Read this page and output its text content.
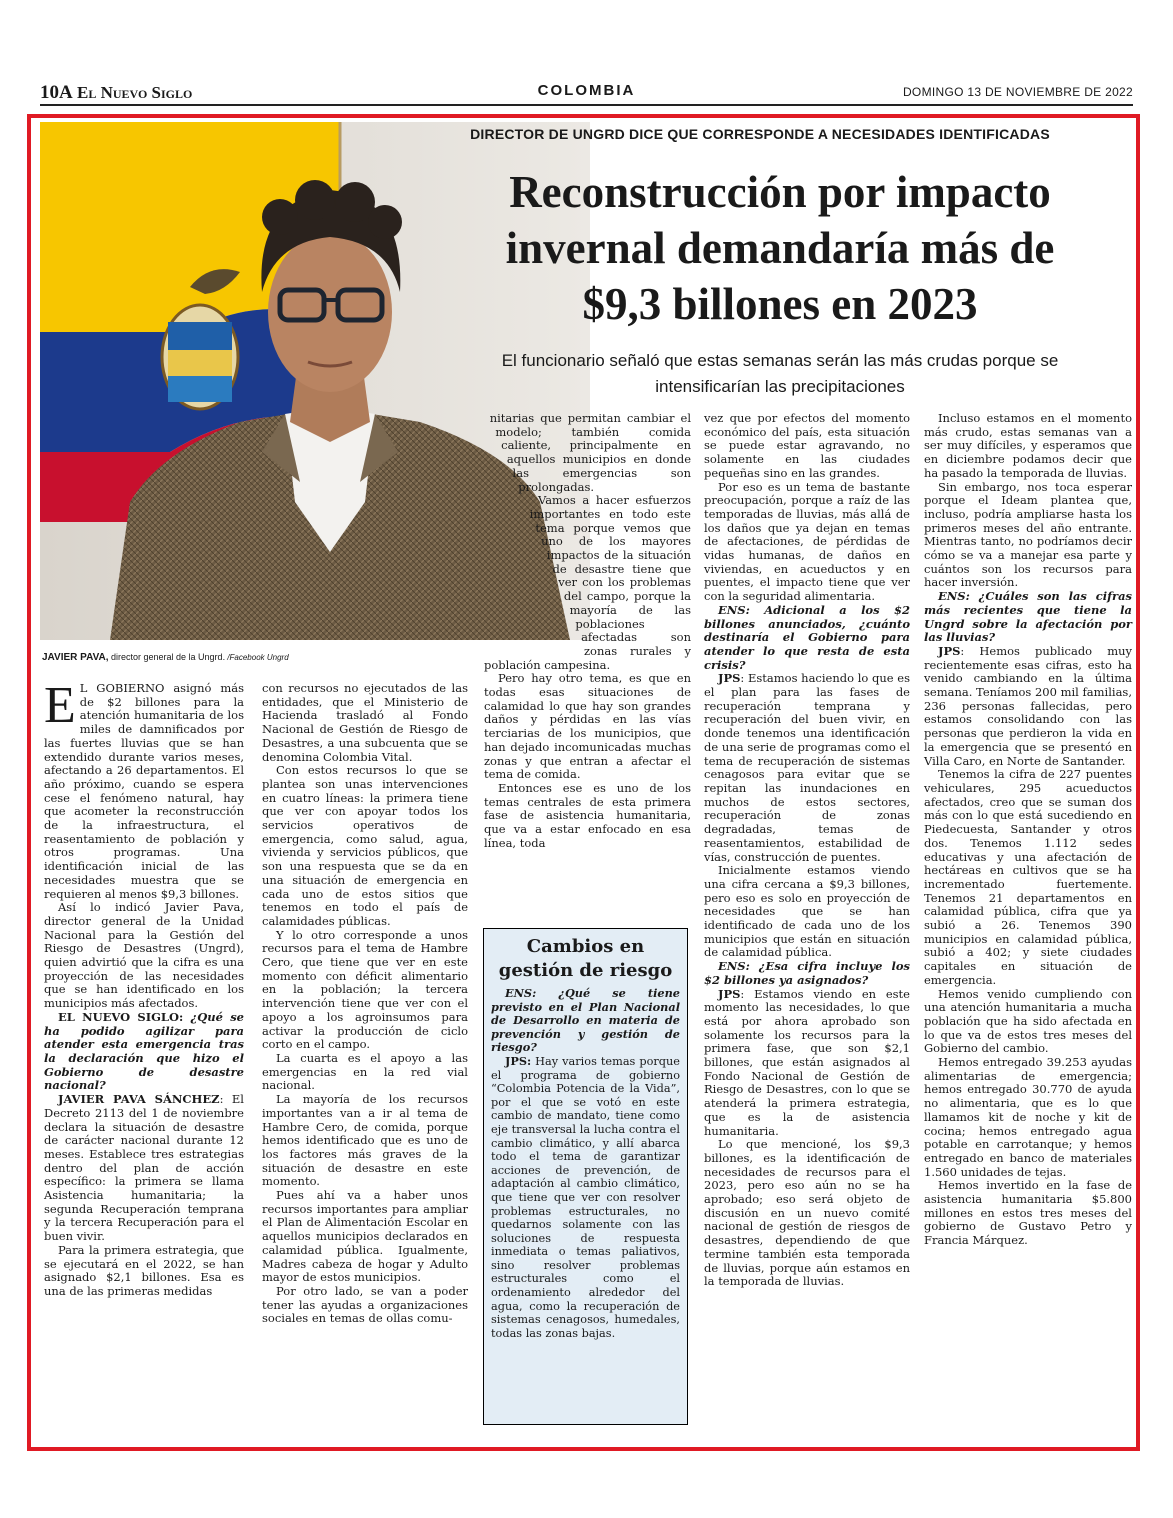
10A El Nuevo Siglo	COLOMBIA	DOMINGO 13 DE NOVIEMBRE DE 2022
DIRECTOR DE UNGRD DICE QUE CORRESPONDE A NECESIDADES IDENTIFICADAS
Reconstrucción por impacto
invernal demandaría más de
$9,3 billones en 2023
El funcionario señaló que estas semanas serán las más crudas porque se
intensificarían las precipitaciones
JAVIER PAVA, director general de la Ungrd. /Facebook Ungrd

E L GOBIERNO asignó más de $2 billones para la atención humanitaria de los miles de damnificados por las fuertes lluvias que se han extendido durante varios meses, afectando a 26 departamentos. El año próximo, cuando se espera cese el fenómeno natural, hay que acometer la reconstrucción de la infraestructura, el reasentamiento de población y otros programas. Una identificación inicial de las necesidades muestra que se requieren al menos $9,3 billones.

Así lo indicó Javier Pava, director general de la Unidad Nacional para la Gestión del Riesgo de Desastres (Ungrd), quien advirtió que la cifra es una proyección de las necesidades que se han identificado en los municipios más afectados.

EL NUEVO SIGLO: ¿Qué se ha podido agilizar para atender esta emergencia tras la declaración que hizo el Gobierno de desastre nacional?

JAVIER PAVA SÁNCHEZ: El Decreto 2113 del 1 de noviembre declara la situación de desastre de carácter nacional durante 12 meses. Establece tres estrategias dentro del plan de acción específico: la primera se llama Asistencia humanitaria; la segunda Recuperación temprana y la tercera Recuperación para el buen vivir.

Para la primera estrategia, que se ejecutará en el 2022, se han asignado $2,1 billones. Esa es una de las primeras medidas

con recursos no ejecutados de las entidades, que el Ministerio de Hacienda trasladó al Fondo Nacional de Gestión de Riesgo de Desastres, a una subcuenta que se denomina Colombia Vital.

Con estos recursos lo que se plantea son unas intervenciones en cuatro líneas: la primera tiene que ver con apoyar todos los servicios operativos de emergencia, como salud, agua, vivienda y servicios públicos, que son una respuesta que se da en una situación de emergencia en cada uno de estos sitios que tenemos en todo el país de calamidades públicas.

Y lo otro corresponde a unos recursos para el tema de Hambre Cero, que tiene que ver en este momento con déficit alimentario en la población; la tercera intervención tiene que ver con el apoyo a los agroinsumos para activar la producción de ciclo corto en el campo.

La cuarta es el apoyo a las emergencias en la red vial nacional.

La mayoría de los recursos importantes van a ir al tema de Hambre Cero, de comida, porque hemos identificado que es uno de los factores más graves de la situación de desastre en este momento.

Pues ahí va a haber unos recursos importantes para ampliar el Plan de Alimentación Escolar en aquellos municipios declarados en calamidad pública. Igualmente, Madres cabeza de hogar y Adulto mayor de estos municipios.

Por otro lado, se van a poder tener las ayudas a organizaciones sociales en temas de ollas comu-

nitarias que permitan cambiar el modelo; también comida caliente, principalmente en aquellos municipios en donde las emergencias son prolongadas.

Vamos a hacer esfuerzos importantes en todo este tema porque vemos que uno de los mayores impactos de la situación de desastre tiene que ver con los problemas del campo, porque la mayoría de las poblaciones afectadas son zonas rurales y población campesina.

Pero hay otro tema, es que en todas esas situaciones de calamidad lo que hay son grandes daños y pérdidas en las vías terciarias de los municipios, que han dejado incomunicadas muchas zonas y que entran a afectar el tema de comida.

Entonces ese es uno de los temas centrales de esta primera fase de asistencia humanitaria, que va a estar enfocado en esa línea, toda

Cambios en
gestión de riesgo

ENS: ¿Qué se tiene previsto en el Plan Nacional de Desarrollo en materia de prevención y gestión de riesgo?

JPS: Hay varios temas porque el programa de gobierno “Colombia Potencia de la Vida”, por el que se votó en este cambio de mandato, tiene como eje transversal la lucha contra el cambio climático, y allí abarca todo el tema de garantizar acciones de prevención, de adaptación al cambio climático, que tiene que ver con resolver problemas estructurales, no quedarnos solamente con las soluciones de respuesta inmediata o temas paliativos, sino resolver problemas estructurales como el ordenamiento alrededor del agua, como la recuperación de sistemas cenagosos, humedales, todas las zonas bajas.

vez que por efectos del momento económico del país, esta situación se puede estar agravando, no solamente en las ciudades pequeñas sino en las grandes.

Por eso es un tema de bastante preocupación, porque a raíz de las temporadas de lluvias, más allá de los daños que ya dejan en temas de afectaciones, de pérdidas de vidas humanas, de daños en viviendas, en acueductos y en puentes, el impacto tiene que ver con la seguridad alimentaria.

ENS: Adicional a los $2 billones anunciados, ¿cuánto destinaría el Gobierno para atender lo que resta de esta crisis?

JPS: Estamos haciendo lo que es el plan para las fases de recuperación temprana y recuperación del buen vivir, en donde tenemos una identificación de una serie de programas como el tema de recuperación de sistemas cenagosos para evitar que se repitan las inundaciones en muchos de estos sectores, recuperación de zonas degradadas, temas de reasentamientos, estabilidad de vías, construcción de puentes.

Inicialmente estamos viendo una cifra cercana a $9,3 billones, pero eso es solo en proyección de necesidades que se han identificado de cada uno de los municipios que están en situación de calamidad pública.

ENS: ¿Esa cifra incluye los $2 billones ya asignados?

JPS: Estamos viendo en este momento las necesidades, lo que está por ahora aprobado son solamente los recursos para la primera fase, que son $2,1 billones, que están asignados al Fondo Nacional de Gestión de Riesgo de Desastres, con lo que se atenderá la primera estrategia, que es la de asistencia humanitaria.

Lo que mencioné, los $9,3 billones, es la identificación de necesidades de recursos para el 2023, pero eso aún no se ha aprobado; eso será objeto de discusión en un nuevo comité nacional de gestión de riesgos de desastres, dependiendo de que termine también esta temporada de lluvias, porque aún estamos en la temporada de lluvias.

Incluso estamos en el momento más crudo, estas semanas van a ser muy difíciles, y esperamos que en diciembre podamos decir que ha pasado la temporada de lluvias.

Sin embargo, nos toca esperar porque el Ideam plantea que, incluso, podría ampliarse hasta los primeros meses del año entrante. Mientras tanto, no podríamos decir cómo se va a manejar esa parte y cuántos son los recursos para hacer inversión.

ENS: ¿Cuáles son las cifras más recientes que tiene la Ungrd sobre la afectación por las lluvias?

JPS: Hemos publicado muy recientemente esas cifras, esto ha venido cambiando en la última semana. Teníamos 200 mil familias, 236 personas fallecidas, pero estamos consolidando con las personas que perdieron la vida en la emergencia que se presentó en Villa Caro, en Norte de Santander.

Tenemos la cifra de 227 puentes vehiculares, 295 acueductos afectados, creo que se suman dos más con lo que está sucediendo en Piedecuesta, Santander y otros dos. Tenemos 1.112 sedes educativas y una afectación de hectáreas en cultivos que se ha incrementado fuertemente. Tenemos 21 departamentos en calamidad pública, cifra que ya subió a 26. Tenemos 390 municipios en calamidad pública, subió a 402; y siete ciudades capitales en situación de emergencia.

Hemos venido cumpliendo con una atención humanitaria a mucha población que ha sido afectada en lo que va de estos tres meses del Gobierno del cambio.

Hemos entregado 39.253 ayudas alimentarias de emergencia; hemos entregado 30.770 de ayuda no alimentaria, que es lo que llamamos kit de noche y kit de cocina; hemos entregado agua potable en carrotanque; y hemos entregado en banco de materiales 1.560 unidades de tejas.

Hemos invertido en la fase de asistencia humanitaria $5.800 millones en estos tres meses del gobierno de Gustavo Petro y Francia Márquez.
